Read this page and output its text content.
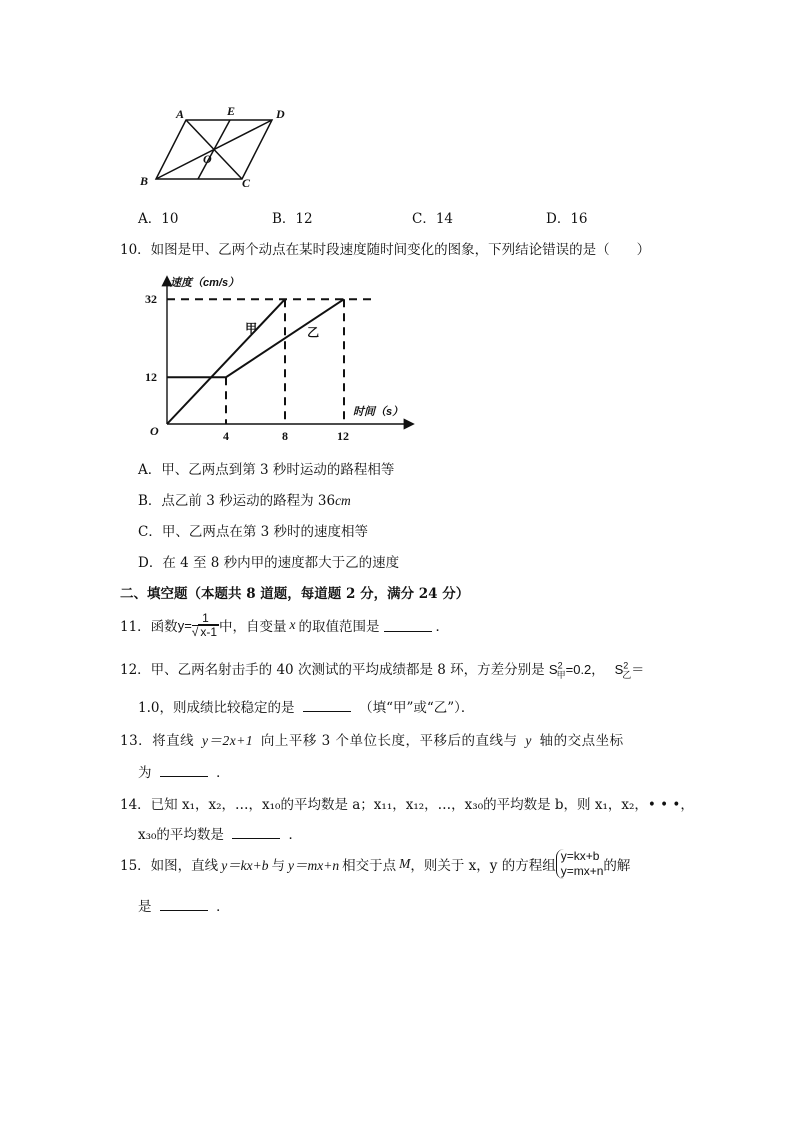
A	E	D
O
B	C
A．10	B．12	C．14	D．16
10．如图是甲、乙两个动点在某时段速度随时间变化的图象，下列结论错误的是（　　）
速度（cm/s）
时间（s）
O
甲	乙
4	8	12
12
32
A．甲、乙两点到第 3 秒时运动的路程相等
B．点乙前 3 秒运动的路程为 36cm
C．甲、乙两点在第 3 秒时的速度相等
D．在 4 至 8 秒内甲的速度都大于乙的速度
二、填空题（本题共 8 道题，每道题 2 分，满分 24 分）
11．函数 $y= \frac{1}{√ x-1}$ 中，自变量 x 的取值范围是	．
12．甲、乙两名射击手的 40 次测试的平均成绩都是 8 环，方差分别是 $S^2_甲=0.2$， $S^2_乙=$
1.0，则成绩比较稳定的是	（填“甲”或“乙”）．
13．将直线 y＝2x+1 向上平移 3 个单位长度，平移后的直线与 y 轴的交点坐标
为	．
14．已知 x₁，x₂，…，x₁₀的平均数是 a；x₁₁，x₁₂，…，x₃₀的平均数是 b，则 x₁，x₂，• • •，
x₃₀的平均数是	．
15．如图，直线 y＝kx+b 与 y＝mx+n 相交于点 M ，则关于 x，y 的方程组
y=kx+b
y=mx+n 的解
是	．
